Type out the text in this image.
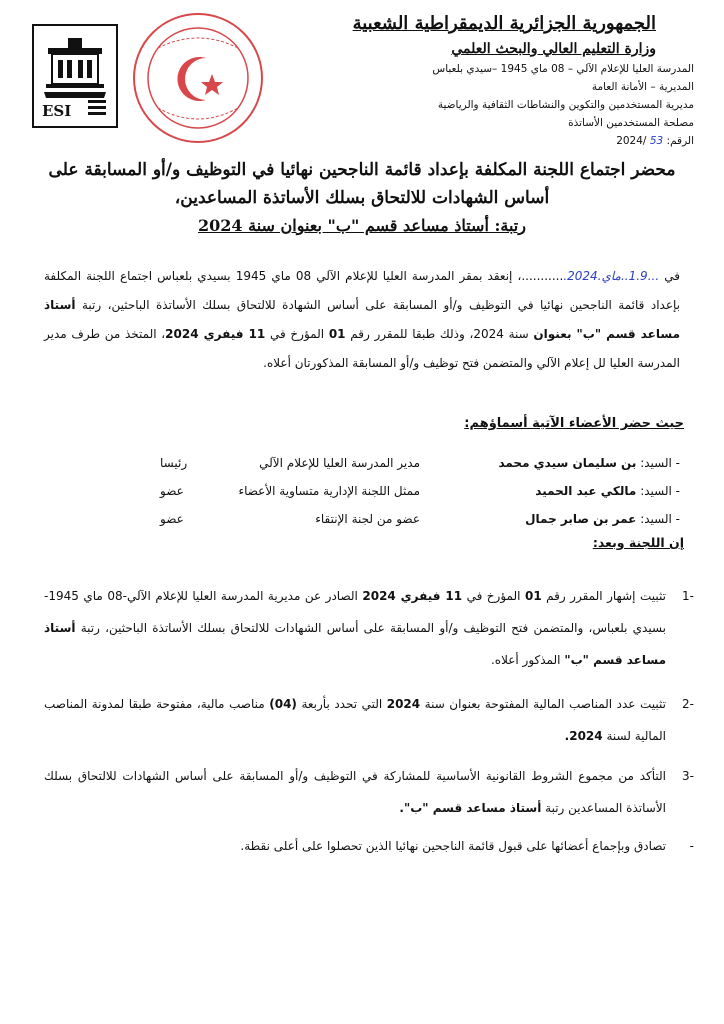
ESI
الجمهورية الجزائرية الديمقراطية الشعبية
وزارة التعليم العالي والبحث العلمي
المدرسة العليا للإعلام الآلي – 08 ماي 1945 –سيدي بلعباس
المديرية – الأمانة العامة
مديرية المستخدمين والتكوين والنشاطات الثقافية والرياضية
مصلحة المستخدمين الأساتذة
الرقم: 53 /2024
محضر اجتماع اللجنة المكلفة بإعداد قائمة الناجحين نهائيا في التوظيف و/أو المسابقة على
أساس الشهادات للالتحاق بسلك الأساتذة المساعدين،
رتبة: أستاذ مساعد قسم "ب" بعنوان سنة 2024
في ...1.9..ماي.2024............، إنعقد بمقر المدرسة العليا للإعلام الآلي 08 ماي 1945 بسيدي بلعباس اجتماع اللجنة المكلفة بإعداد قائمة الناجحين نهائيا في التوظيف و/أو المسابقة على أساس الشهادة للالتحاق بسلك الأساتذة الباحثين، رتبة أستاذ مساعد قسم "ب" بعنوان سنة 2024، وذلك طبقا للمقرر رقم 01 المؤرخ في 11 فيفري 2024، المتخذ من طرف مدير المدرسة العليا لل إعلام الآلي والمتضمن فتح توظيف و/أو المسابقة المذكورتان أعلاه.
حيث حضر الأعضاء الآتية أسماؤهم:
- السيد: بن سليمان سيدي محمد
مدير المدرسة العليا للإعلام الآلي
رئيسا
- السيد: مالكي عبد الحميد
ممثل اللجنة الإدارية متساوية الأعضاء
عضو
- السيد: عمر بن صابر جمال
عضو من لجنة الإنتقاء
عضو
إن اللجنة وبعد:
-1
تثبيت إشهار المقرر رقم 01 المؤرخ في 11 فيفري 2024 الصادر عن مديرية المدرسة العليا للإعلام الآلي-08 ماي 1945-بسيدي بلعباس، والمتضمن فتح التوظيف و/أو المسابقة على أساس الشهادات للالتحاق بسلك الأساتذة الباحثين، رتبة أستاذ مساعد قسم "ب" المذكور أعلاه.
-2
تثبيت عدد المناصب المالية المفتوحة بعنوان سنة 2024 التي تحدد بأربعة (04) مناصب مالية، مفتوحة طبقا لمدونة المناصب المالية لسنة 2024.
-3
التأكد من مجموع الشروط القانونية الأساسية للمشاركة في التوظيف و/أو المسابقة على أساس الشهادات للالتحاق بسلك الأساتذة المساعدين رتبة أستاذ مساعد قسم "ب".
-
تصادق وبإجماع أعضائها على قبول قائمة الناجحين نهائيا الذين تحصلوا على أعلى نقطة.
